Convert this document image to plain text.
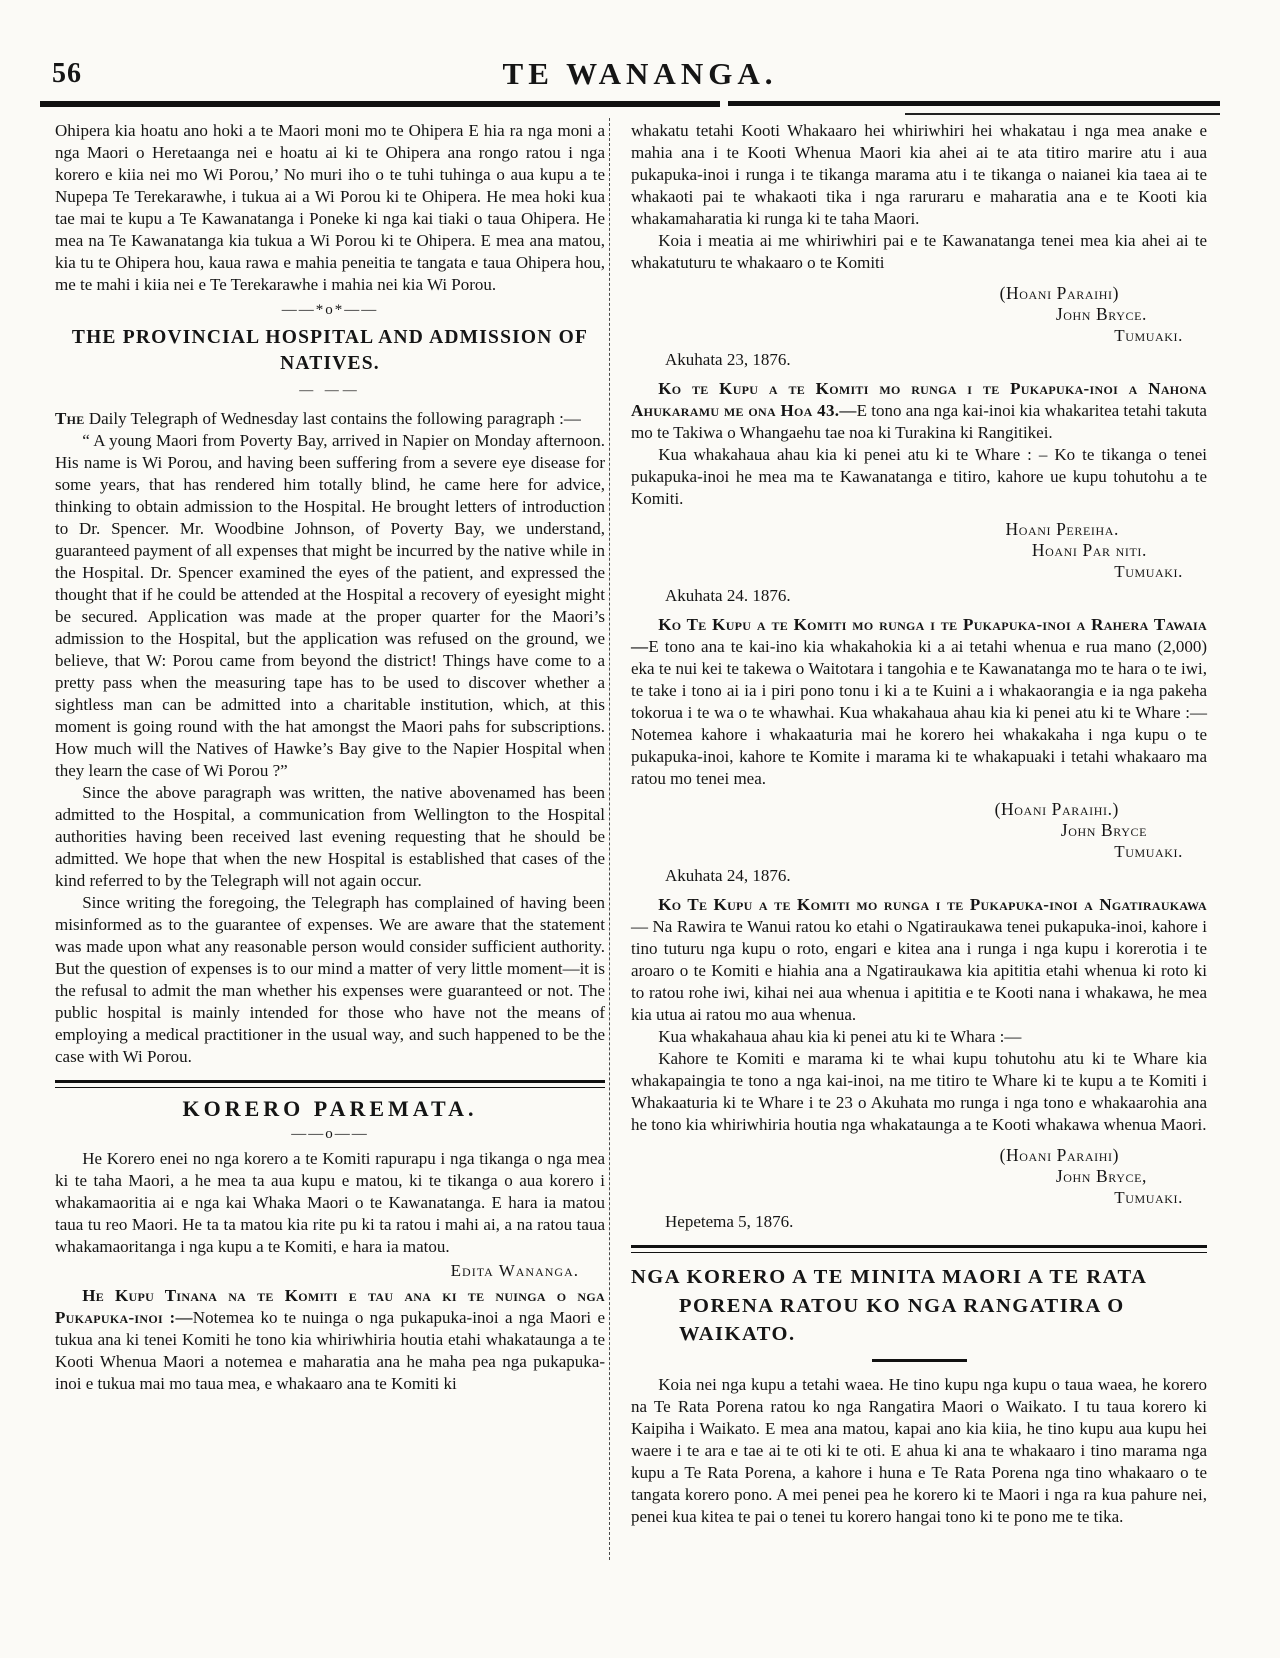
56	TE WANANGA.

Ohipera kia hoatu ano hoki a te Maori moni mo te Ohipera E hia ra nga moni a nga Maori o Heretaanga nei e hoatu ai ki te Ohipera ana rongo ratou i nga korero e kiia nei mo Wi Porou,’ No muri iho o te tuhi tuhinga o aua kupu a te Nupepa Te Terekarawhe, i tukua ai a Wi Porou ki te Ohipera. He mea hoki kua tae mai te kupu a Te Kawanatanga i Poneke ki nga kai tiaki o taua Ohipera. He mea na Te Kawanatanga kia tukua a Wi Porou ki te Ohipera. E mea ana matou, kia tu te Ohipera hou, kaua rawa e mahia peneitia te tangata e taua Ohipera hou, me te mahi i kiia nei e Te Terekarawhe i mahia nei kia Wi Porou.

——*o*——
THE PROVINCIAL HOSPITAL AND ADMISSION OF NATIVES.
— ——

The Daily Telegraph of Wednesday last contains the following paragraph :—

“ A young Maori from Poverty Bay, arrived in Napier on Monday afternoon. His name is Wi Porou, and having been suffering from a severe eye disease for some years, that has rendered him totally blind, he came here for advice, thinking to obtain admission to the Hospital. He brought letters of introduction to Dr. Spencer. Mr. Woodbine Johnson, of Poverty Bay, we understand, guaranteed payment of all expenses that might be incurred by the native while in the Hospital. Dr. Spencer examined the eyes of the patient, and expressed the thought that if he could be attended at the Hospital a recovery of eyesight might be secured. Application was made at the proper quarter for the Maori’s admission to the Hospital, but the application was refused on the ground, we believe, that W: Porou came from beyond the district! Things have come to a pretty pass when the measuring tape has to be used to discover whether a sightless man can be admitted into a charitable institution, which, at this moment is going round with the hat amongst the Maori pahs for subscriptions. How much will the Natives of Hawke’s Bay give to the Napier Hospital when they learn the case of Wi Porou ?”

Since the above paragraph was written, the native abovenamed has been admitted to the Hospital, a communication from Wellington to the Hospital authorities having been received last evening requesting that he should be admitted. We hope that when the new Hospital is established that cases of the kind referred to by the Telegraph will not again occur.

Since writing the foregoing, the Telegraph has complained of having been misinformed as to the guarantee of expenses. We are aware that the statement was made upon what any reasonable person would consider sufficient authority. But the question of expenses is to our mind a matter of very little moment—it is the refusal to admit the man whether his expenses were guaranteed or not. The public hospital is mainly intended for those who have not the means of employing a medical practitioner in the usual way, and such happened to be the case with Wi Porou.

KORERO PAREMATA.
——o——

He Korero enei no nga korero a te Komiti rapurapu i nga tikanga o nga mea ki te taha Maori, a he mea ta aua kupu e matou, ki te tikanga o aua korero i whakamaoritia ai e nga kai Whaka Maori o te Kawanatanga. E hara ia matou taua tu reo Maori. He ta ta matou kia rite pu ki ta ratou i mahi ai, a na ratou taua whakamaoritanga i nga kupu a te Komiti, e hara ia matou.

Edita Wananga.

He Kupu Tinana na te Komiti e tau ana ki te nuinga o nga Pukapuka-inoi :—Notemea ko te nuinga o nga pukapuka-inoi a nga Maori e tukua ana ki tenei Komiti he tono kia whiriwhiria houtia etahi whakataunga a te Kooti Whenua Maori a notemea e maharatia ana he maha pea nga pukapuka-inoi e tukua mai mo taua mea, e whakaaro ana te Komiti ki

whakatu tetahi Kooti Whakaaro hei whiriwhiri hei whakatau i nga mea anake e mahia ana i te Kooti Whenua Maori kia ahei ai te ata titiro marire atu i aua pukapuka-inoi i runga i te tikanga marama atu i te tikanga o naianei kia taea ai te whakaoti pai te whakaoti tika i nga raruraru e maharatia ana e te Kooti kia whakamaharatia ki runga ki te taha Maori.

Koia i meatia ai me whiriwhiri pai e te Kawanatanga tenei mea kia ahei ai te whakatuturu te whakaaro o te Komiti

(Hoani Paraihi)
John Bryce.
Tumuaki.
Akuhata 23, 1876.

Ko te Kupu a te Komiti mo runga i te Pukapuka-inoi a Nahona Ahukaramu me ona Hoa 43.—E tono ana nga kai-inoi kia whakaritea tetahi takuta mo te Takiwa o Whangaehu tae noa ki Turakina ki Rangitikei.

Kua whakahaua ahau kia ki penei atu ki te Whare : – Ko te tikanga o tenei pukapuka-inoi he mea ma te Kawanatanga e titiro, kahore ue kupu tohutohu a te Komiti.

Hoani Pereiha.
Hoani Par niti.
Tumuaki.
Akuhata 24. 1876.

Ko Te Kupu a te Komiti mo runga i te Pukapuka-inoi a Rahera Tawaia—E tono ana te kai-ino kia whakahokia ki a ai tetahi whenua e rua mano (2,000) eka te nui kei te takewa o Waitotara i tangohia e te Kawanatanga mo te hara o te iwi, te take i tono ai ia i piri pono tonu i ki a te Kuini a i whakaorangia e ia nga pakeha tokorua i te wa o te whawhai. Kua whakahaua ahau kia ki penei atu ki te Whare :—Notemea kahore i whakaaturia mai he korero hei whakakaha i nga kupu o te pukapuka-inoi, kahore te Komite i marama ki te whakapuaki i tetahi whakaaro ma ratou mo tenei mea.

(Hoani Paraihi.)
John Bryce
Tumuaki.
Akuhata 24, 1876.

Ko Te Kupu a te Komiti mo runga i te Pukapuka-inoi a Ngatiraukawa — Na Rawira te Wanui ratou ko etahi o Ngatiraukawa tenei pukapuka-inoi, kahore i tino tuturu nga kupu o roto, engari e kitea ana i runga i nga kupu i korerotia i te aroaro o te Komiti e hiahia ana a Ngatiraukawa kia apititia etahi whenua ki roto ki to ratou rohe iwi, kihai nei aua whenua i apititia e te Kooti nana i whakawa, he mea kia utua ai ratou mo aua whenua.

Kua whakahaua ahau kia ki penei atu ki te Whara :—

Kahore te Komiti e marama ki te whai kupu tohutohu atu ki te Whare kia whakapaingia te tono a nga kai-inoi, na me titiro te Whare ki te kupu a te Komiti i Whakaaturia ki te Whare i te 23 o Akuhata mo runga i nga tono e whakaarohia ana he tono kia whiriwhiria houtia nga whakataunga a te Kooti whakawa whenua Maori.

(Hoani Paraihi)
John Bryce,
Tumuaki.
Hepetema 5, 1876.
NGA KORERO A TE MINITA MAORI A TE RATA PORENA RATOU KO NGA RANGATIRA O WAIKATO.

Koia nei nga kupu a tetahi waea. He tino kupu nga kupu o taua waea, he korero na Te Rata Porena ratou ko nga Rangatira Maori o Waikato. I tu taua korero ki Kaipiha i Waikato. E mea ana matou, kapai ano kia kiia, he tino kupu aua kupu hei waere i te ara e tae ai te oti ki te oti. E ahua ki ana te whakaaro i tino marama nga kupu a Te Rata Porena, a kahore i huna e Te Rata Porena nga tino whakaaro o te tangata korero pono. A mei penei pea he korero ki te Maori i nga ra kua pahure nei, penei kua kitea te pai o tenei tu korero hangai tono ki te pono me te tika.
